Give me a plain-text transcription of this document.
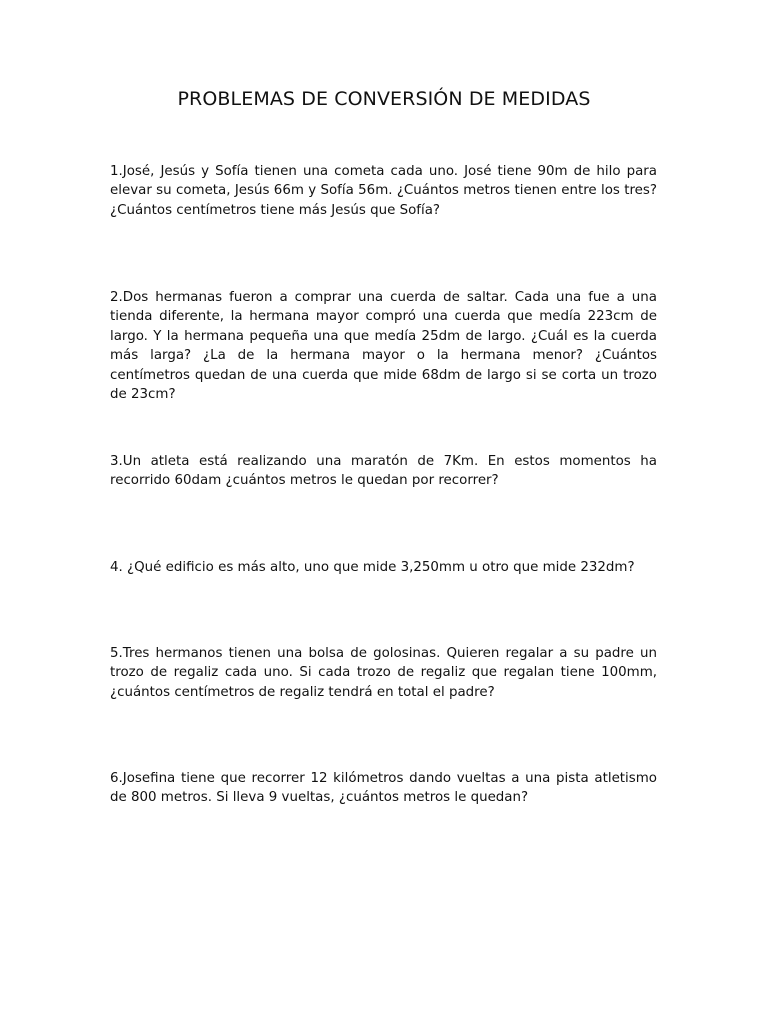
PROBLEMAS DE CONVERSIÓN DE MEDIDAS

1.José, Jesús y Sofía tienen una cometa cada uno. José tiene 90m de hilo para elevar su cometa, Jesús 66m y Sofía 56m. ¿Cuántos metros tienen entre los tres? ¿Cuántos centímetros tiene más Jesús que Sofía?

2.Dos hermanas fueron a comprar una cuerda de saltar. Cada una fue a una tienda diferente, la hermana mayor compró una cuerda que medía 223cm de largo. Y la hermana pequeña una que medía 25dm de largo. ¿Cuál es la cuerda más larga? ¿La de la hermana mayor o la hermana menor? ¿Cuántos centímetros quedan de una cuerda que mide 68dm de largo si se corta un trozo de 23cm?

3.Un atleta está realizando una maratón de 7Km. En estos momentos ha recorrido 60dam ¿cuántos metros le quedan por recorrer?

4. ¿Qué edificio es más alto, uno que mide 3,250mm u otro que mide 232dm?

5.Tres hermanos tienen una bolsa de golosinas. Quieren regalar a su padre un trozo de regaliz cada uno. Si cada trozo de regaliz que regalan tiene 100mm, ¿cuántos centímetros de regaliz tendrá en total el padre?

6.Josefina tiene que recorrer 12 kilómetros dando vueltas a una pista atletismo de 800 metros. Si lleva 9 vueltas, ¿cuántos metros le quedan?
